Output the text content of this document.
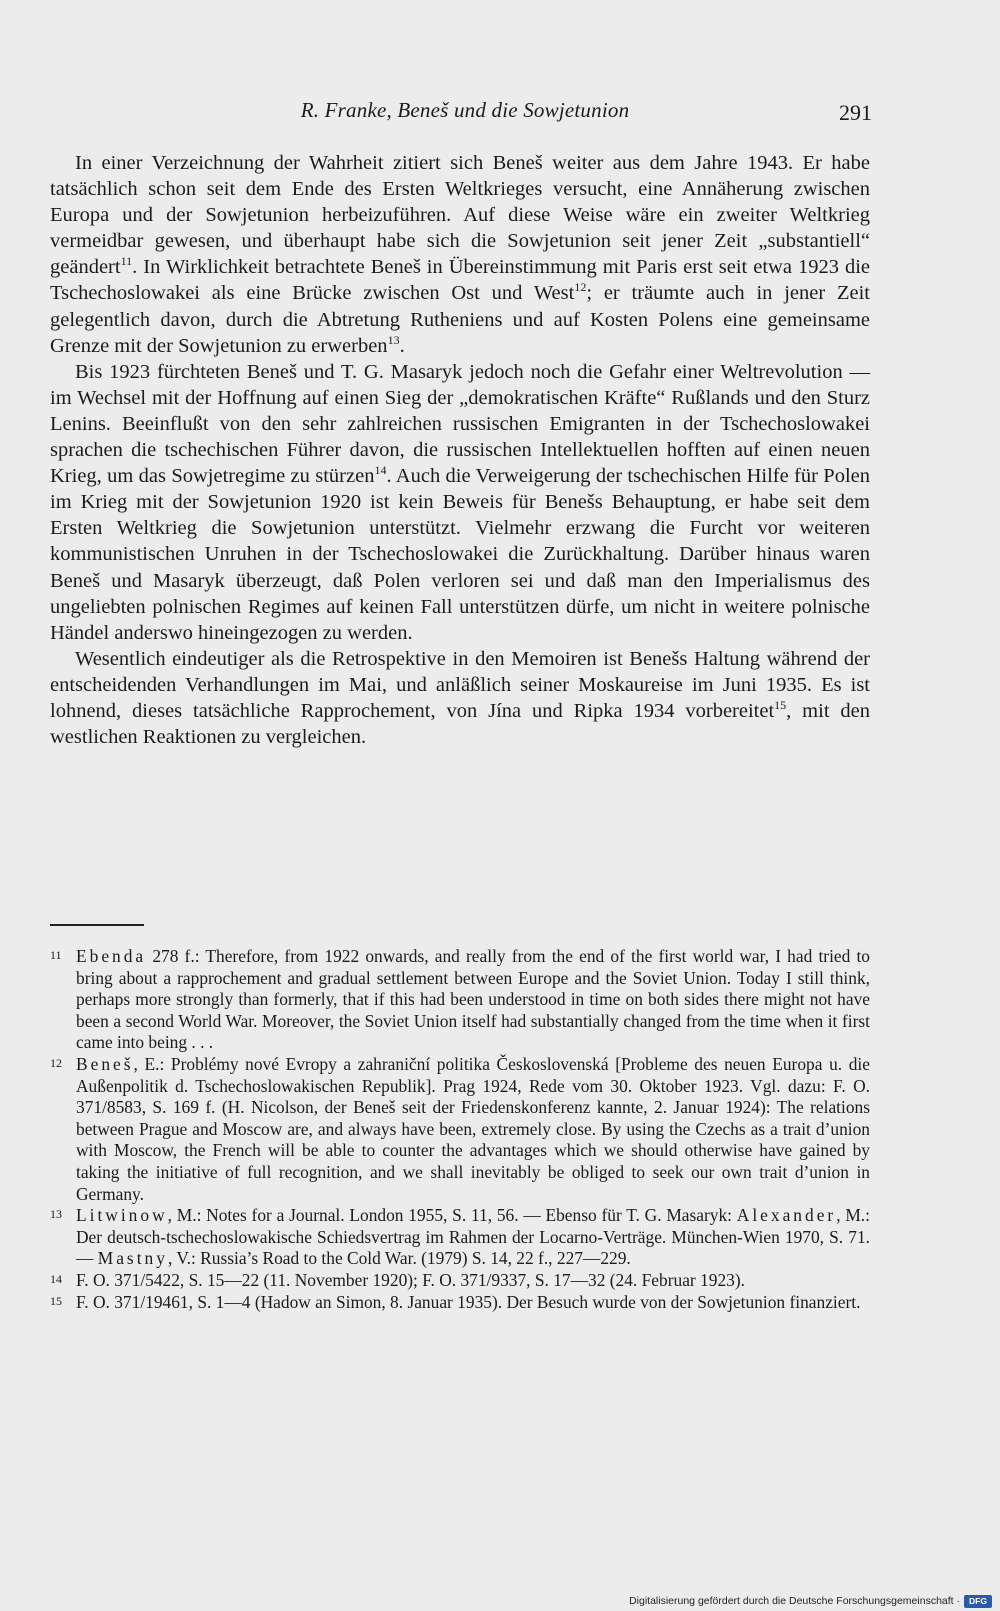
R. Franke, Beneš und die Sowjetunion	291

In einer Verzeichnung der Wahrheit zitiert sich Beneš weiter aus dem Jahre 1943. Er habe tatsächlich schon seit dem Ende des Ersten Weltkrieges versucht, eine Annäherung zwischen Europa und der Sowjetunion herbeizuführen. Auf diese Weise wäre ein zweiter Weltkrieg vermeidbar gewesen, und überhaupt habe sich die Sowjetunion seit jener Zeit „substantiell“ geändert$^{11}$. In Wirklichkeit betrachtete Beneš in Übereinstimmung mit Paris erst seit etwa 1923 die Tschechoslowakei als eine Brücke zwischen Ost und West$^{12}$; er träumte auch in jener Zeit gelegentlich davon, durch die Abtretung Rutheniens und auf Kosten Polens eine gemeinsame Grenze mit der Sowjetunion zu erwerben$^{13}$.

Bis 1923 fürchteten Beneš und T. G. Masaryk jedoch noch die Gefahr einer Weltrevolution — im Wechsel mit der Hoffnung auf einen Sieg der „demokratischen Kräfte“ Rußlands und den Sturz Lenins. Beeinflußt von den sehr zahlreichen russischen Emigranten in der Tschechoslowakei sprachen die tschechischen Führer davon, die russischen Intellektuellen hofften auf einen neuen Krieg, um das Sowjetregime zu stürzen$^{14}$. Auch die Verweigerung der tschechischen Hilfe für Polen im Krieg mit der Sowjetunion 1920 ist kein Beweis für Benešs Behauptung, er habe seit dem Ersten Weltkrieg die Sowjetunion unterstützt. Vielmehr erzwang die Furcht vor weiteren kommunistischen Unruhen in der Tschechoslowakei die Zurückhaltung. Darüber hinaus waren Beneš und Masaryk überzeugt, daß Polen verloren sei und daß man den Imperialismus des ungeliebten polnischen Regimes auf keinen Fall unterstützen dürfe, um nicht in weitere polnische Händel anderswo hineingezogen zu werden.

Wesentlich eindeutiger als die Retrospektive in den Memoiren ist Benešs Haltung während der entscheidenden Verhandlungen im Mai, und anläßlich seiner Moskaureise im Juni 1935. Es ist lohnend, dieses tatsächliche Rapprochement, von Jína und Ripka 1934 vorbereitet$^{15}$, mit den westlichen Reaktionen zu vergleichen.

11 Ebenda 278 f.: Therefore, from 1922 onwards, and really from the end of the first world war, I had tried to bring about a rapprochement and gradual settlement between Europe and the Soviet Union. Today I still think, perhaps more strongly than formerly, that if this had been understood in time on both sides there might not have been a second World War. Moreover, the Soviet Union itself had substantially changed from the time when it first came into being . . .
12 Beneš, E.: Problémy nové Evropy a zahraniční politika Československá [Probleme des neuen Europa u. die Außenpolitik d. Tschechoslowakischen Republik]. Prag 1924, Rede vom 30. Oktober 1923. Vgl. dazu: F. O. 371/8583, S. 169 f. (H. Nicolson, der Beneš seit der Friedenskonferenz kannte, 2. Januar 1924): The relations between Prague and Moscow are, and always have been, extremely close. By using the Czechs as a trait d’union with Moscow, the French will be able to counter the advantages which we should otherwise have gained by taking the initiative of full recognition, and we shall inevitably be obliged to seek our own trait d’union in Germany.
13 Litwinow, M.: Notes for a Journal. London 1955, S. 11, 56. — Ebenso für T. G. Masaryk: Alexander, M.: Der deutsch-tschechoslowakische Schiedsvertrag im Rahmen der Locarno-Verträge. München-Wien 1970, S. 71. — Mastny, V.: Russia’s Road to the Cold War. (1979) S. 14, 22 f., 227—229.
14 F. O. 371/5422, S. 15—22 (11. November 1920); F. O. 371/9337, S. 17—32 (24. Februar 1923).
15 F. O. 371/19461, S. 1—4 (Hadow an Simon, 8. Januar 1935). Der Besuch wurde von der Sowjetunion finanziert.
Digitalisierung gefördert durch die Deutsche Forschungsgemeinschaft ·	DFG
